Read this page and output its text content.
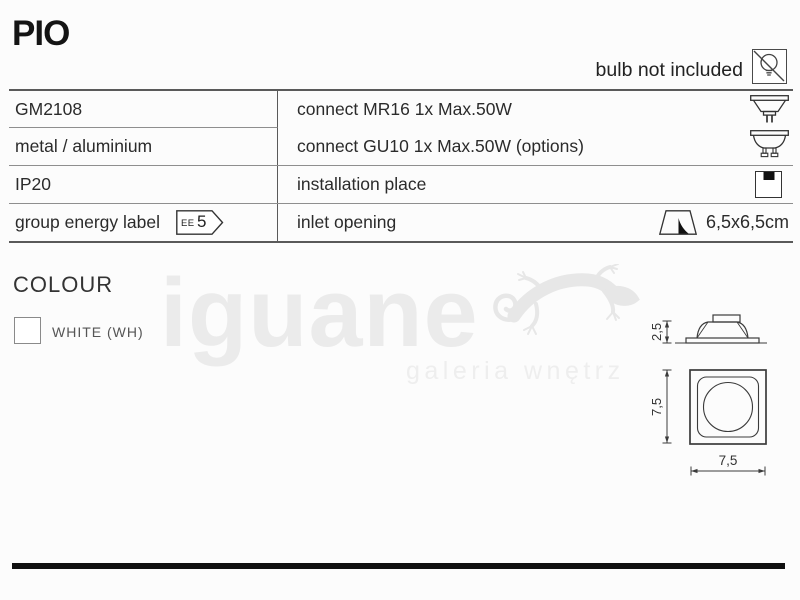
iguane
galeria wnętrz
PIO
bulb not included
GM2108	connect MR16 1x Max.50W
metal / aluminium	connect GU10 1x Max.50W (options)
IP20	installation place
group energy label EE 5	inlet opening	6,5x6,5cm
COLOUR
WHITE (WH)	2,5
7,5
7,5
